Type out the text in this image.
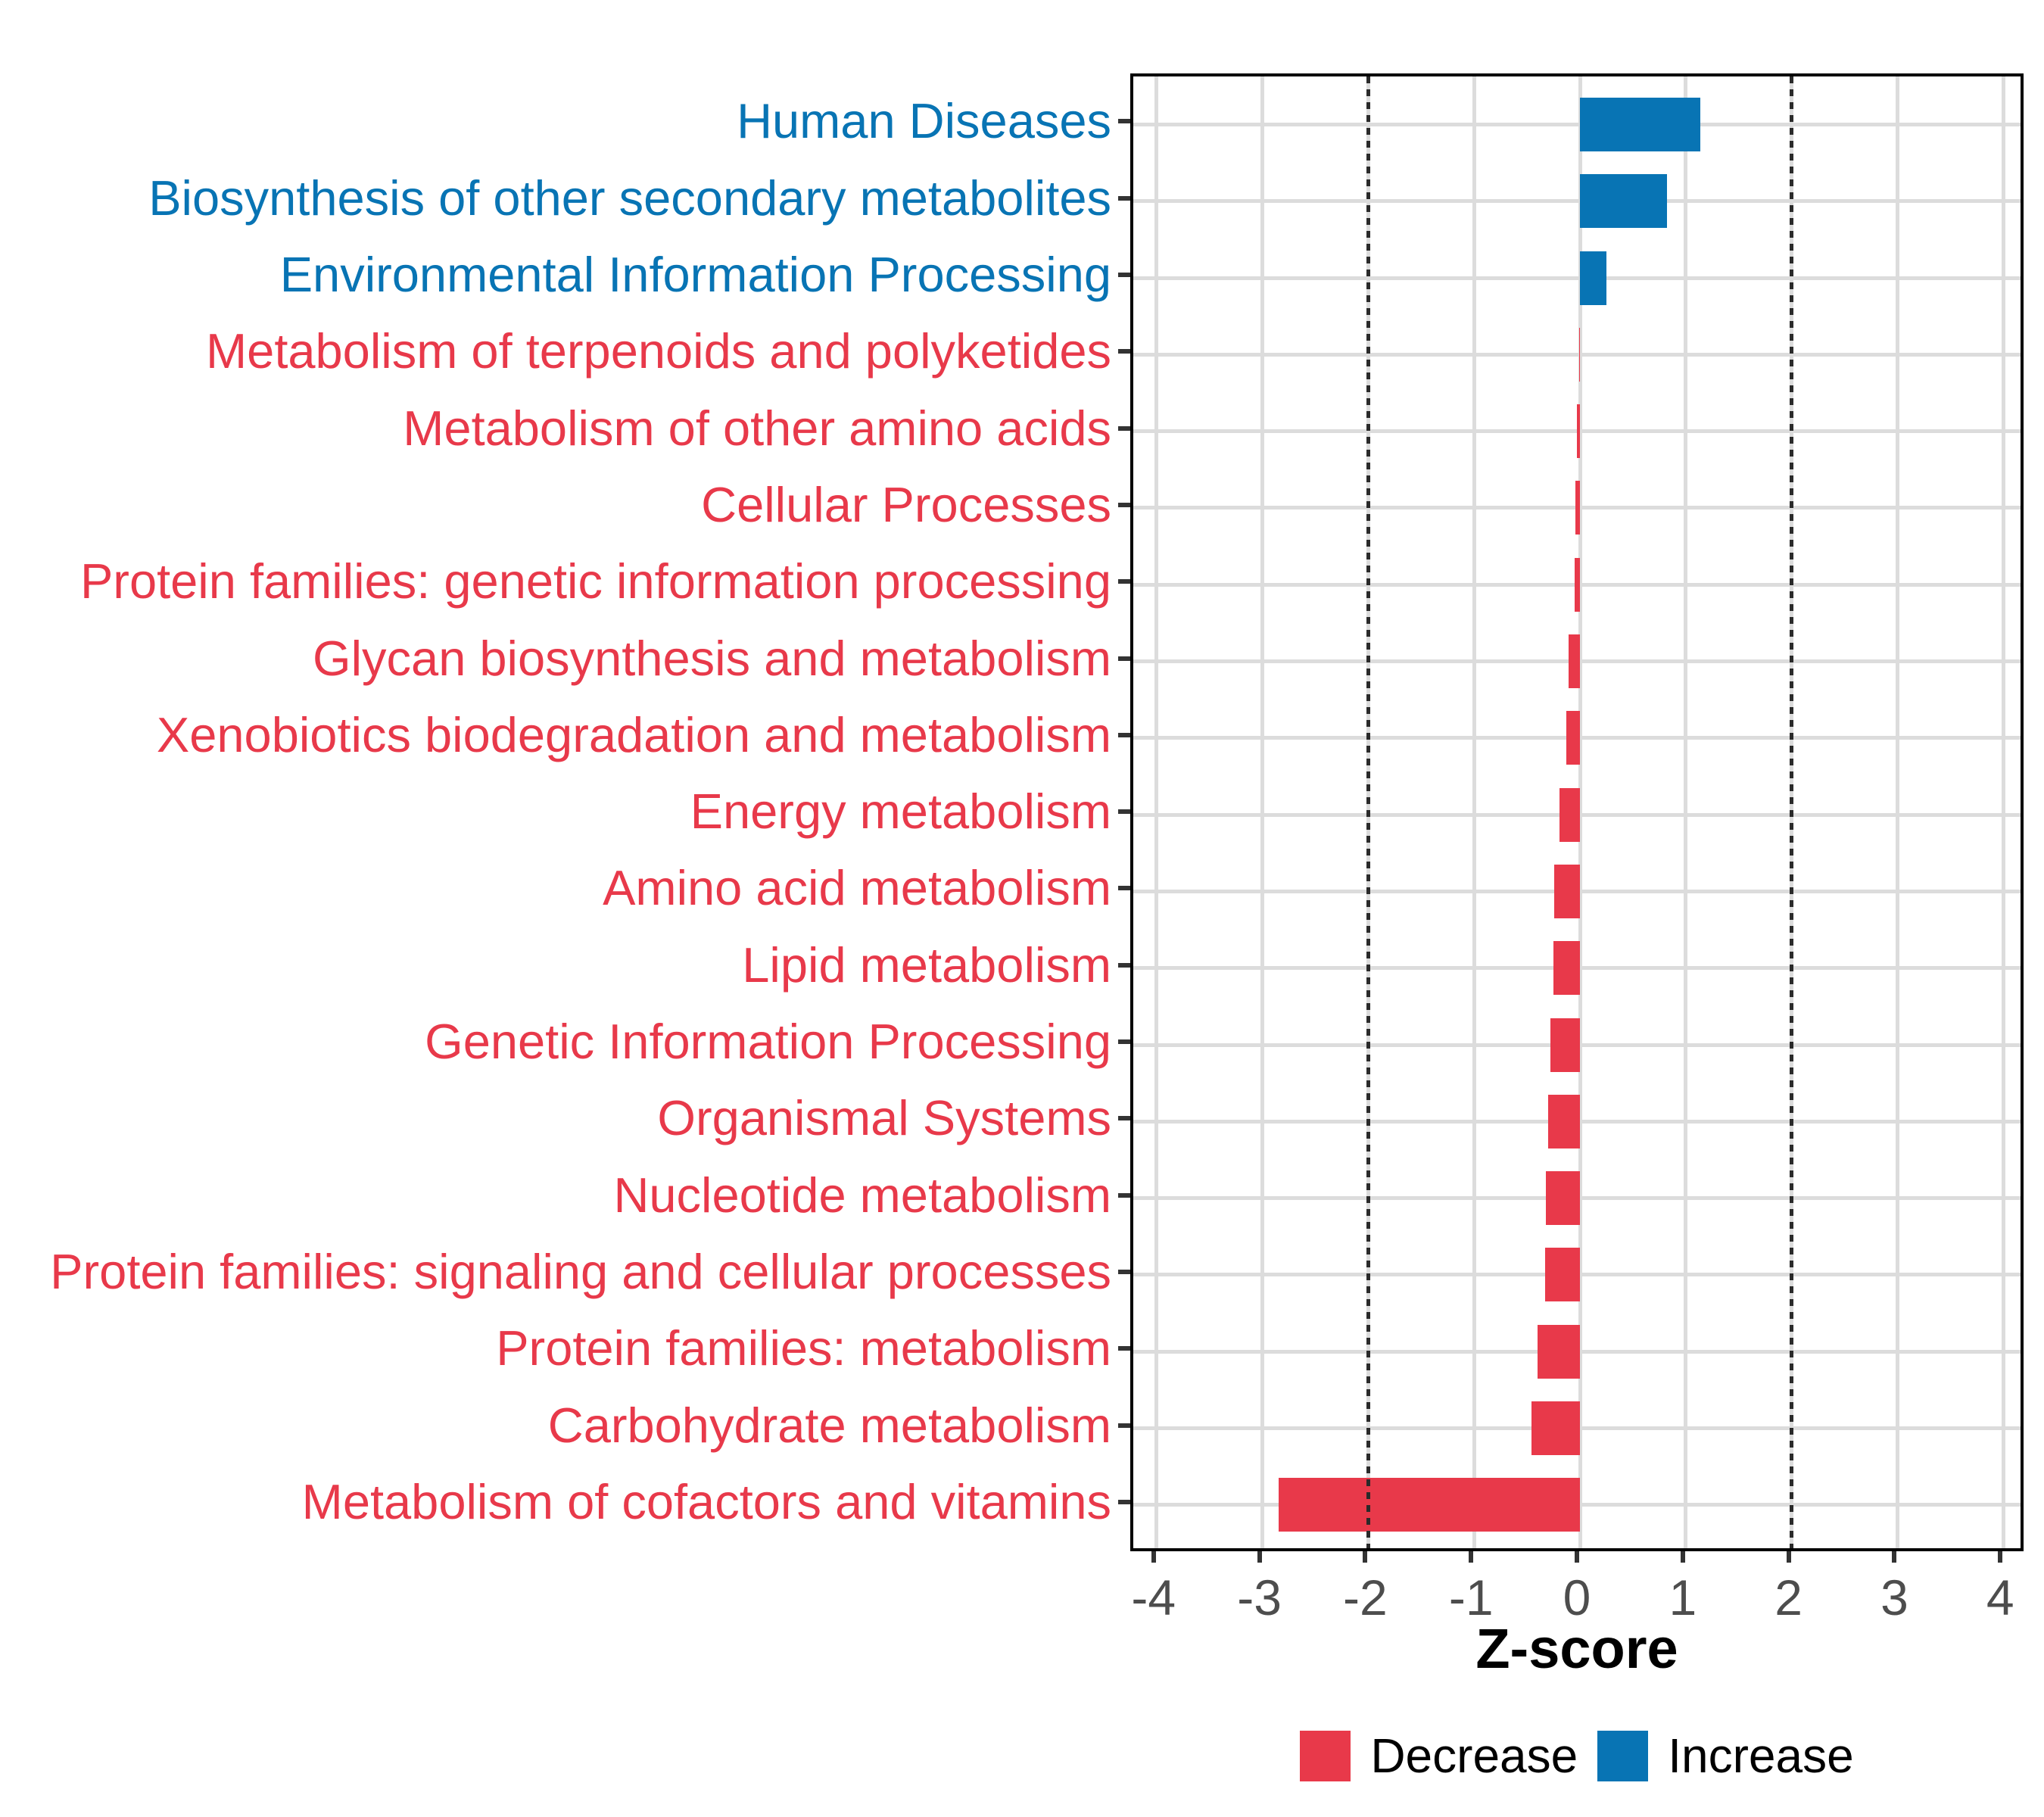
Human Diseases
Biosynthesis of other secondary metabolites
Environmental Information Processing
Metabolism of terpenoids and polyketides
Metabolism of other amino acids
Cellular Processes
Protein families: genetic information processing
Glycan biosynthesis and metabolism
Xenobiotics biodegradation and metabolism
Energy metabolism
Amino acid metabolism
Lipid metabolism
Genetic Information Processing
Organismal Systems
Nucleotide metabolism
Protein families: signaling and cellular processes
Protein families: metabolism
Carbohydrate metabolism
Metabolism of cofactors and vitamins
-4	-3	-2	-1	0	1	2	3	4
Z-score
Decrease Increase
